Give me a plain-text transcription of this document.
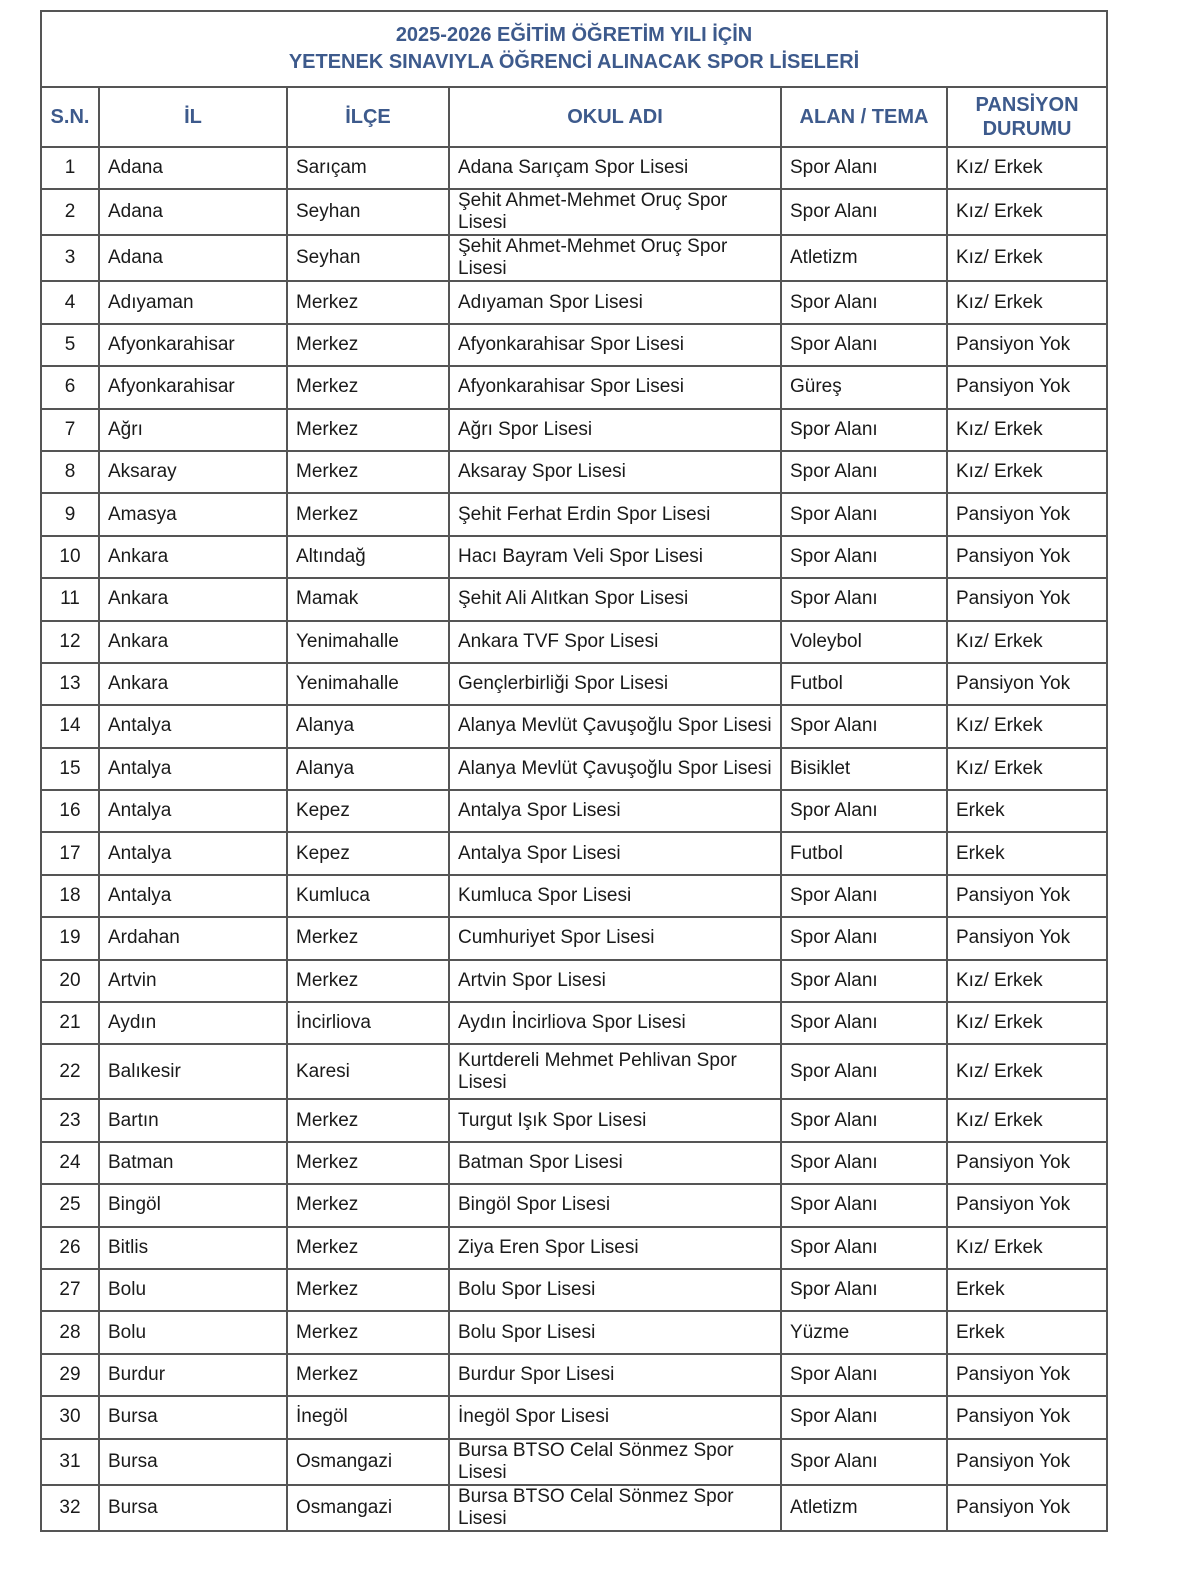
2025-2026 EĞİTİM ÖĞRETİM YILI İÇİN
YETENEK SINAVIYLA ÖĞRENCİ ALINACAK SPOR LİSELERİ					

S.N.	İL	İLÇE	OKUL ADI	ALAN / TEMA	PANSİYON DURUMU
1	Adana	Sarıçam	Adana Sarıçam Spor Lisesi	Spor Alanı	Kız/ Erkek
2	Adana	Seyhan	Şehit Ahmet-Mehmet Oruç Spor Lisesi	Spor Alanı	Kız/ Erkek
3	Adana	Seyhan	Şehit Ahmet-Mehmet Oruç Spor Lisesi	Atletizm	Kız/ Erkek
4	Adıyaman	Merkez	Adıyaman Spor Lisesi	Spor Alanı	Kız/ Erkek
5	Afyonkarahisar	Merkez	Afyonkarahisar Spor Lisesi	Spor Alanı	Pansiyon Yok
6	Afyonkarahisar	Merkez	Afyonkarahisar Spor Lisesi	Güreş	Pansiyon Yok
7	Ağrı	Merkez	Ağrı Spor Lisesi	Spor Alanı	Kız/ Erkek
8	Aksaray	Merkez	Aksaray Spor Lisesi	Spor Alanı	Kız/ Erkek
9	Amasya	Merkez	Şehit Ferhat Erdin Spor Lisesi	Spor Alanı	Pansiyon Yok
10	Ankara	Altındağ	Hacı Bayram Veli Spor Lisesi	Spor Alanı	Pansiyon Yok
11	Ankara	Mamak	Şehit Ali Alıtkan Spor Lisesi	Spor Alanı	Pansiyon Yok
12	Ankara	Yenimahalle	Ankara TVF Spor Lisesi	Voleybol	Kız/ Erkek
13	Ankara	Yenimahalle	Gençlerbirliği Spor Lisesi	Futbol	Pansiyon Yok
14	Antalya	Alanya	Alanya Mevlüt Çavuşoğlu Spor Lisesi	Spor Alanı	Kız/ Erkek
15	Antalya	Alanya	Alanya Mevlüt Çavuşoğlu Spor Lisesi	Bisiklet	Kız/ Erkek
16	Antalya	Kepez	Antalya Spor Lisesi	Spor Alanı	Erkek
17	Antalya	Kepez	Antalya Spor Lisesi	Futbol	Erkek
18	Antalya	Kumluca	Kumluca Spor Lisesi	Spor Alanı	Pansiyon Yok
19	Ardahan	Merkez	Cumhuriyet Spor Lisesi	Spor Alanı	Pansiyon Yok
20	Artvin	Merkez	Artvin Spor Lisesi	Spor Alanı	Kız/ Erkek
21	Aydın	İncirliova	Aydın İncirliova Spor Lisesi	Spor Alanı	Kız/ Erkek
22	Balıkesir	Karesi	Kurtdereli Mehmet Pehlivan Spor Lisesi	Spor Alanı	Kız/ Erkek
23	Bartın	Merkez	Turgut Işık Spor Lisesi	Spor Alanı	Kız/ Erkek
24	Batman	Merkez	Batman Spor Lisesi	Spor Alanı	Pansiyon Yok
25	Bingöl	Merkez	Bingöl Spor Lisesi	Spor Alanı	Pansiyon Yok
26	Bitlis	Merkez	Ziya Eren Spor Lisesi	Spor Alanı	Kız/ Erkek
27	Bolu	Merkez	Bolu Spor Lisesi	Spor Alanı	Erkek
28	Bolu	Merkez	Bolu Spor Lisesi	Yüzme	Erkek
29	Burdur	Merkez	Burdur Spor Lisesi	Spor Alanı	Pansiyon Yok
30	Bursa	İnegöl	İnegöl Spor Lisesi	Spor Alanı	Pansiyon Yok
31	Bursa	Osmangazi	Bursa BTSO Celal Sönmez Spor Lisesi	Spor Alanı	Pansiyon Yok
32	Bursa	Osmangazi	Bursa BTSO Celal Sönmez Spor Lisesi	Atletizm	Pansiyon Yok
